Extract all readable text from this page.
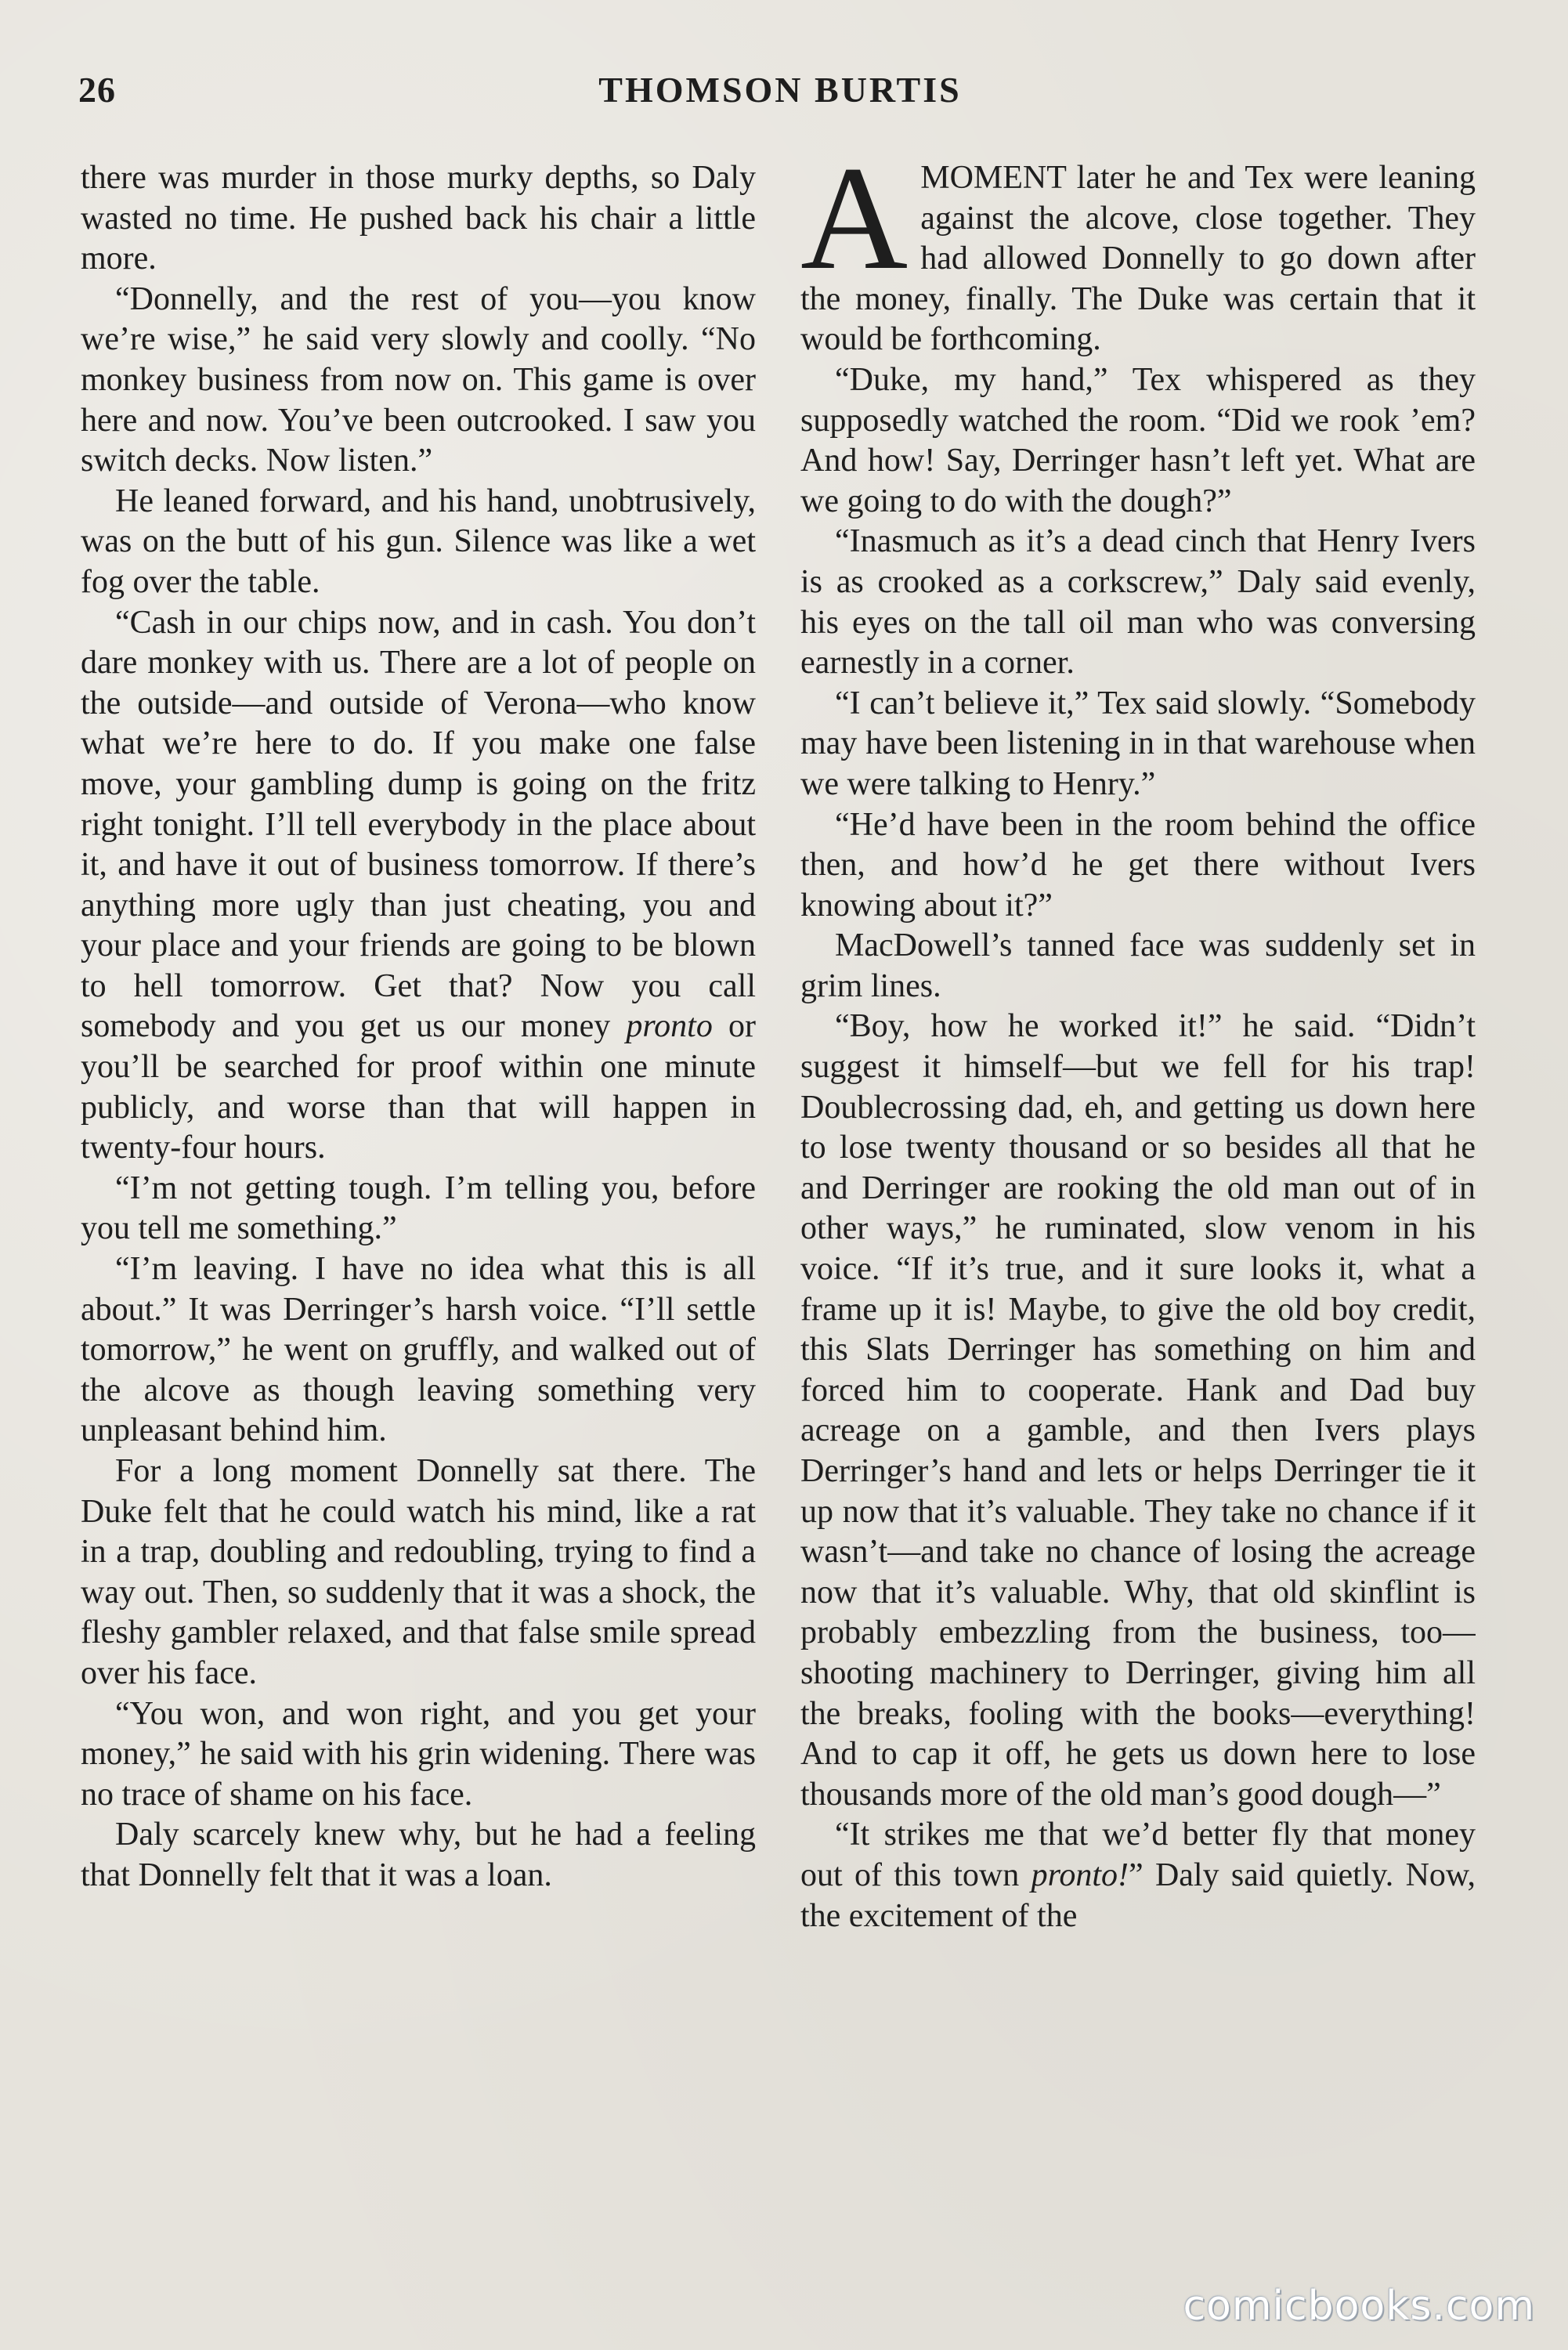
26	THOMSON BURTIS

there was murder in those murky depths, so Daly wasted no time. He pushed back his chair a little more.

“Donnelly, and the rest of you—you know we’re wise,” he said very slowly and coolly. “No monkey business from now on. This game is over here and now. You’ve been outcrooked. I saw you switch decks. Now listen.”

He leaned forward, and his hand, unobtrusively, was on the butt of his gun. Silence was like a wet fog over the table.

“Cash in our chips now, and in cash. You don’t dare monkey with us. There are a lot of people on the outside—and outside of Verona—who know what we’re here to do. If you make one false move, your gambling dump is going on the fritz right tonight. I’ll tell everybody in the place about it, and have it out of business tomorrow. If there’s anything more ugly than just cheating, you and your place and your friends are going to be blown to hell tomorrow. Get that? Now you call somebody and you get us our money pronto or you’ll be searched for proof within one minute publicly, and worse than that will happen in twenty-four hours.

“I’m not getting tough. I’m telling you, before you tell me something.”

“I’m leaving. I have no idea what this is all about.” It was Derringer’s harsh voice. “I’ll settle tomorrow,” he went on gruffly, and walked out of the alcove as though leaving something very unpleasant behind him.

For a long moment Donnelly sat there. The Duke felt that he could watch his mind, like a rat in a trap, doubling and redoubling, trying to find a way out. Then, so suddenly that it was a shock, the fleshy gambler relaxed, and that false smile spread over his face.

“You won, and won right, and you get your money,” he said with his grin widening. There was no trace of shame on his face.

Daly scarcely knew why, but he had a feeling that Donnelly felt that it was a loan.

AMOMENT later he and Tex were leaning against the alcove, close together. They had allowed Donnelly to go down after the money, finally. The Duke was certain that it would be forthcoming.

“Duke, my hand,” Tex whispered as they supposedly watched the room. “Did we rook ’em? And how! Say, Derringer hasn’t left yet. What are we going to do with the dough?”

“Inasmuch as it’s a dead cinch that Henry Ivers is as crooked as a corkscrew,” Daly said evenly, his eyes on the tall oil man who was conversing earnestly in a corner.

“I can’t believe it,” Tex said slowly. “Somebody may have been listening in in that warehouse when we were talking to Henry.”

“He’d have been in the room behind the office then, and how’d he get there without Ivers knowing about it?”

MacDowell’s tanned face was suddenly set in grim lines.

“Boy, how he worked it!” he said. “Didn’t suggest it himself—but we fell for his trap! Doublecrossing dad, eh, and getting us down here to lose twenty thousand or so besides all that he and Derringer are rooking the old man out of in other ways,” he ruminated, slow venom in his voice. “If it’s true, and it sure looks it, what a frame up it is! Maybe, to give the old boy credit, this Slats Derringer has something on him and forced him to cooperate. Hank and Dad buy acreage on a gamble, and then Ivers plays Derringer’s hand and lets or helps Derringer tie it up now that it’s valuable. They take no chance if it wasn’t—and take no chance of losing the acreage now that it’s valuable. Why, that old skinflint is probably embezzling from the business, too—shooting machinery to Derringer, giving him all the breaks, fooling with the books—everything! And to cap it off, he gets us down here to lose thousands more of the old man’s good dough—”

“It strikes me that we’d better fly that money out of this town pronto!” Daly said quietly. Now, the excitement of the

comicbooks.com
